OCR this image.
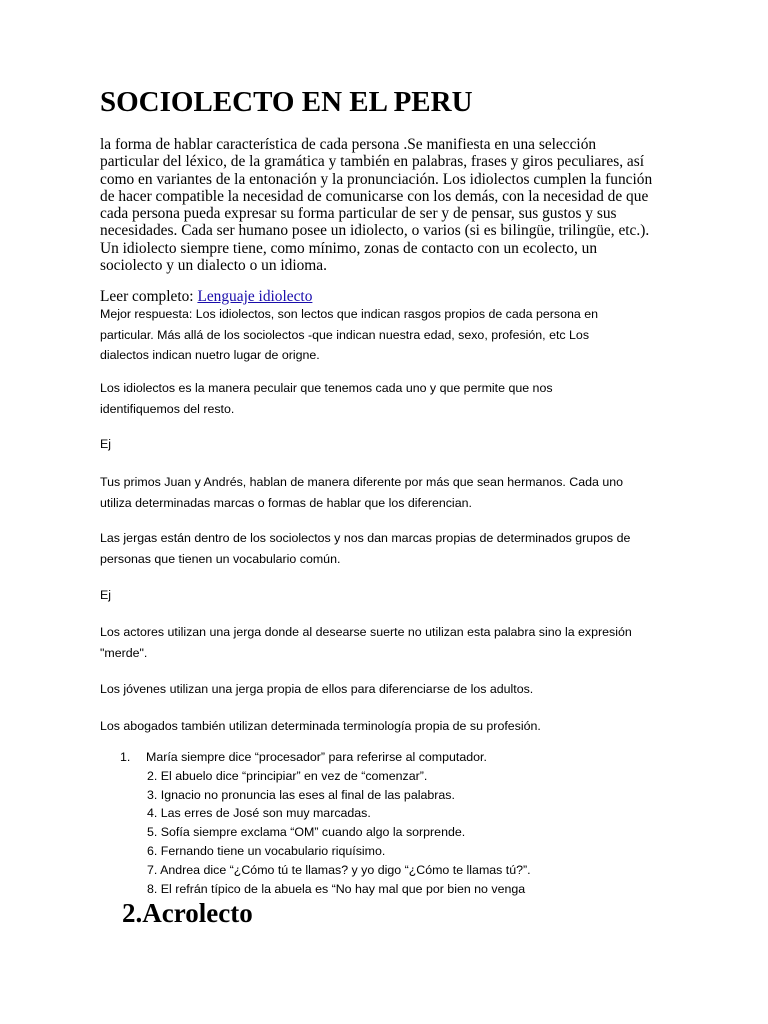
SOCIOLECTO EN EL PERU

la forma de hablar característica de cada persona .Se manifiesta en una selección
particular del léxico, de la gramática y también en palabras, frases y giros peculiares, así
como en variantes de la entonación y la pronunciación. Los idiolectos cumplen la función
de hacer compatible la necesidad de comunicarse con los demás, con la necesidad de que
cada persona pueda expresar su forma particular de ser y de pensar, sus gustos y sus
necesidades. Cada ser humano posee un idiolecto, o varios (si es bilingüe, trilingüe, etc.).
Un idiolecto siempre tiene, como mínimo, zonas de contacto con un ecolecto, un
sociolecto y un dialecto o un idioma.

Leer completo: Lenguaje idiolecto

Mejor respuesta: Los idiolectos, son lectos que indican rasgos propios de cada persona en
particular. Más allá de los sociolectos -que indican nuestra edad, sexo, profesión, etc Los
dialectos indican nuetro lugar de origne.

Los idiolectos es la manera peculair que tenemos cada uno y que permite que nos
identifiquemos del resto.

Ej

Tus primos Juan y Andrés, hablan de manera diferente por más que sean hermanos. Cada uno
utiliza determinadas marcas o formas de hablar que los diferencian.

Las jergas están dentro de los sociolectos y nos dan marcas propias de determinados grupos de
personas que tienen un vocabulario común.

Ej

Los actores utilizan una jerga donde al desearse suerte no utilizan esta palabra sino la expresión
"merde".

Los jóvenes utilizan una jerga propia de ellos para diferenciarse de los adultos.

Los abogados también utilizan determinada terminología propia de su profesión.

1. María siempre dice “procesador” para referirse al computador.
2. El abuelo dice “principiar” en vez de “comenzar”.
3. Ignacio no pronuncia las eses al final de las palabras.
4. Las erres de José son muy marcadas.
5. Sofía siempre exclama “OM” cuando algo la sorprende.
6. Fernando tiene un vocabulario riquísimo.
7. Andrea dice “¿Cómo tú te llamas? y yo digo “¿Cómo te llamas tú?”.
8. El refrán típico de la abuela es “No hay mal que por bien no venga
2.Acrolecto
